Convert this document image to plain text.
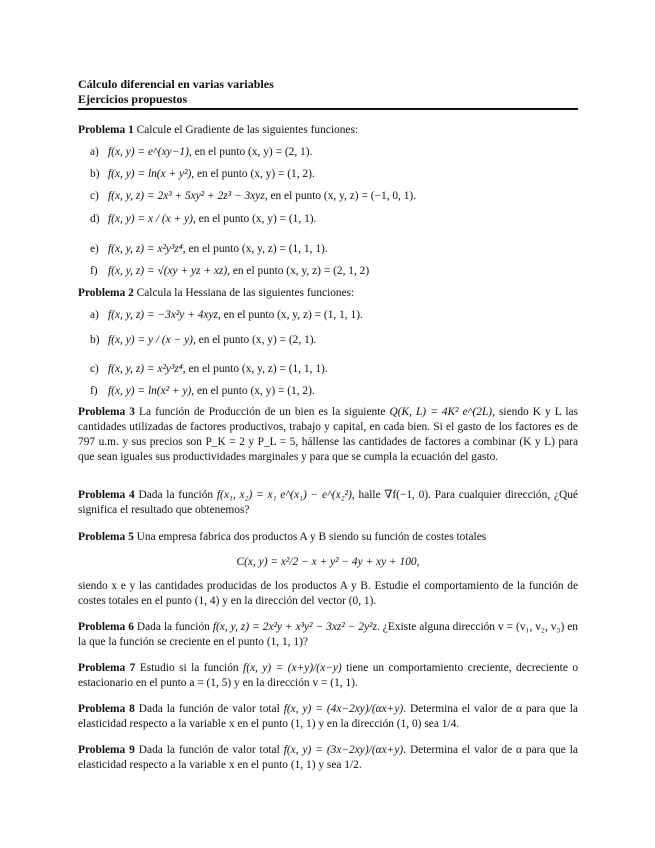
Cálculo diferencial en varias variables
Ejercicios propuestos
Problema 1 Calcule el Gradiente de las siguientes funciones:
a) f(x, y) = e^(xy−1), en el punto (x, y) = (2, 1).
b) f(x, y) = ln(x + y²), en el punto (x, y) = (1, 2).
c) f(x, y, z) = 2x³ + 5xy² + 2z³ − 3xyz, en el punto (x, y, z) = (−1, 0, 1).
d) f(x, y) = x / (x + y), en el punto (x, y) = (1, 1).
e) f(x, y, z) = x²y³z⁴, en el punto (x, y, z) = (1, 1, 1).
f) f(x, y, z) = √(xy + yz + xz), en el punto (x, y, z) = (2, 1, 2)
Problema 2 Calcula la Hessiana de las siguientes funciones:
a) f(x, y, z) = −3x²y + 4xyz, en el punto (x, y, z) = (1, 1, 1).
b) f(x, y) = y / (x − y), en el punto (x, y) = (2, 1).
c) f(x, y, z) = x²y³z⁴, en el punto (x, y, z) = (1, 1, 1).
f) f(x, y) = ln(x² + y), en el punto (x, y) = (1, 2).
Problema 3 La función de Producción de un bien es la siguiente Q(K, L) = 4K² e^(2L), siendo K y L las cantidades utilizadas de factores productivos, trabajo y capital, en cada bien. Si el gasto de los factores es de 797 u.m. y sus precios son P_K = 2 y P_L = 5, hállense las cantidades de factores a combinar (K y L) para que sean iguales sus productividades marginales y para que se cumpla la ecuación del gasto.
Problema 4 Dada la función f(x₁, x₂) = x₁ e^(x₁) − e^(x₂²), halle ∇f(−1, 0). Para cualquier dirección, ¿Qué significa el resultado que obtenemos?
Problema 5 Una empresa fabrica dos productos A y B siendo su función de costes totales
C(x, y) = x²/2 − x + y² − 4y + xy + 100,
siendo x e y las cantidades producidas de los productos A y B. Estudie el comportamiento de la función de costes totales en el punto (1, 4) y en la dirección del vector (0, 1).
Problema 6 Dada la función f(x, y, z) = 2x²y + x³y² − 3xz² − 2y²z. ¿Existe alguna dirección v = (v₁, v₂, v₃) en la que la función se creciente en el punto (1, 1, 1)?
Problema 7 Estudio si la función f(x, y) = (x+y)/(x−y) tiene un comportamiento creciente, decreciente o estacionario en el punto a = (1, 5) y en la dirección v = (1, 1).
Problema 8 Dada la función de valor total f(x, y) = (4x−2xy)/(αx+y). Determina el valor de α para que la elasticidad respecto a la variable x en el punto (1, 1) y en la dirección (1, 0) sea 1/4.
Problema 9 Dada la función de valor total f(x, y) = (3x−2xy)/(αx+y). Determina el valor de α para que la elasticidad respecto a la variable x en el punto (1, 1) y sea 1/2.
